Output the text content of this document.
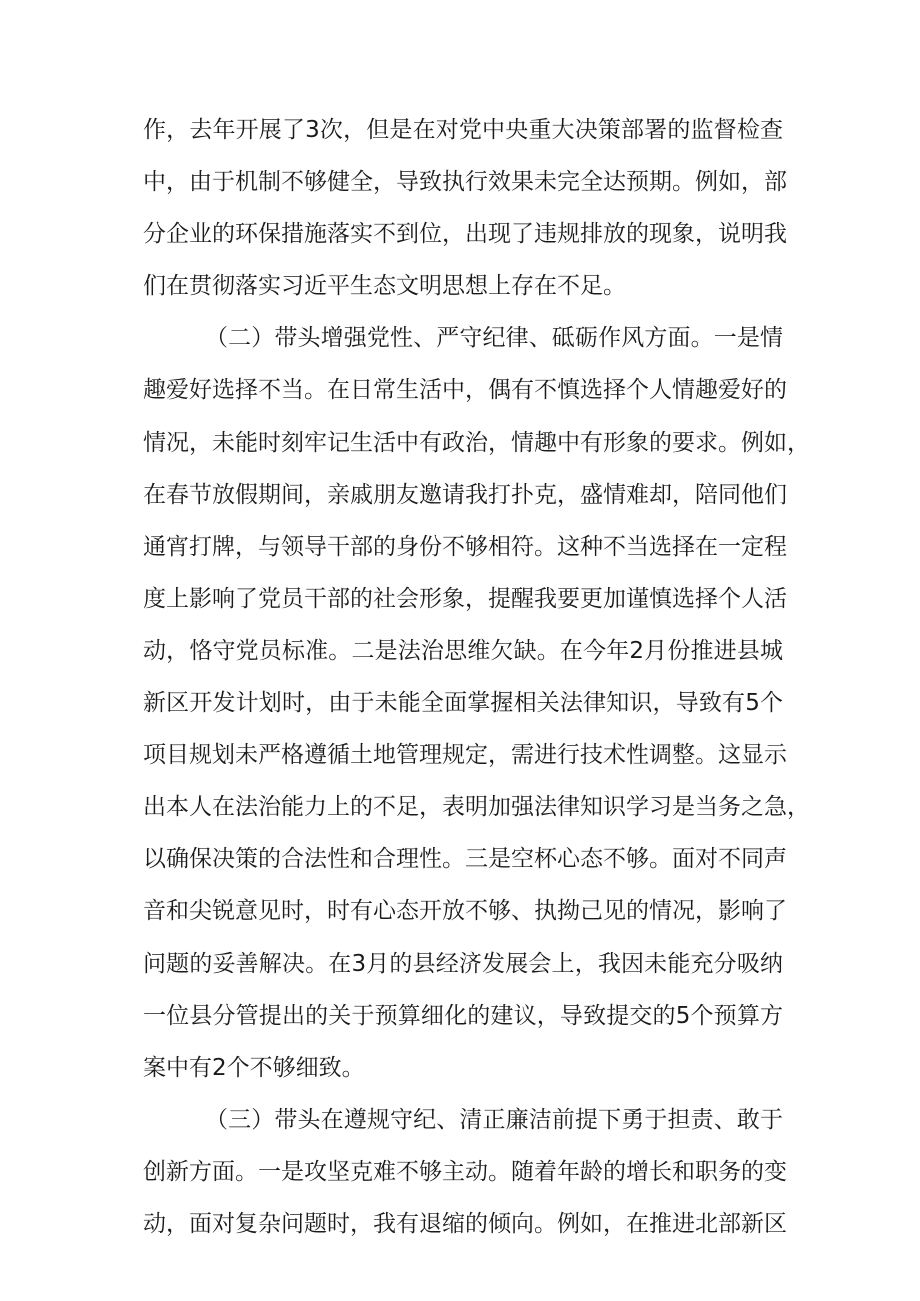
作，去年开展了3次，但是在对党中央重大决策部署的监督检查
中，由于机制不够健全，导致执行效果未完全达预期。例如，部
分企业的环保措施落实不到位，出现了违规排放的现象，说明我
们在贯彻落实习近平生态文明思想上存在不足。
（二）带头增强党性、严守纪律、砥砺作风方面。一是情
趣爱好选择不当。在日常生活中，偶有不慎选择个人情趣爱好的
情况，未能时刻牢记生活中有政治，情趣中有形象的要求。例如，
在春节放假期间，亲戚朋友邀请我打扑克，盛情难却，陪同他们
通宵打牌，与领导干部的身份不够相符。这种不当选择在一定程
度上影响了党员干部的社会形象，提醒我要更加谨慎选择个人活
动，恪守党员标准。二是法治思维欠缺。在今年2月份推进县城
新区开发计划时，由于未能全面掌握相关法律知识，导致有5个
项目规划未严格遵循土地管理规定，需进行技术性调整。这显示
出本人在法治能力上的不足，表明加强法律知识学习是当务之急，
以确保决策的合法性和合理性。三是空杯心态不够。面对不同声
音和尖锐意见时，时有心态开放不够、执拗己见的情况，影响了
问题的妥善解决。在3月的县经济发展会上，我因未能充分吸纳
一位县分管提出的关于预算细化的建议，导致提交的5个预算方
案中有2个不够细致。
（三）带头在遵规守纪、清正廉洁前提下勇于担责、敢于
创新方面。一是攻坚克难不够主动。随着年龄的增长和职务的变
动，面对复杂问题时，我有退缩的倾向。例如，在推进北部新区
